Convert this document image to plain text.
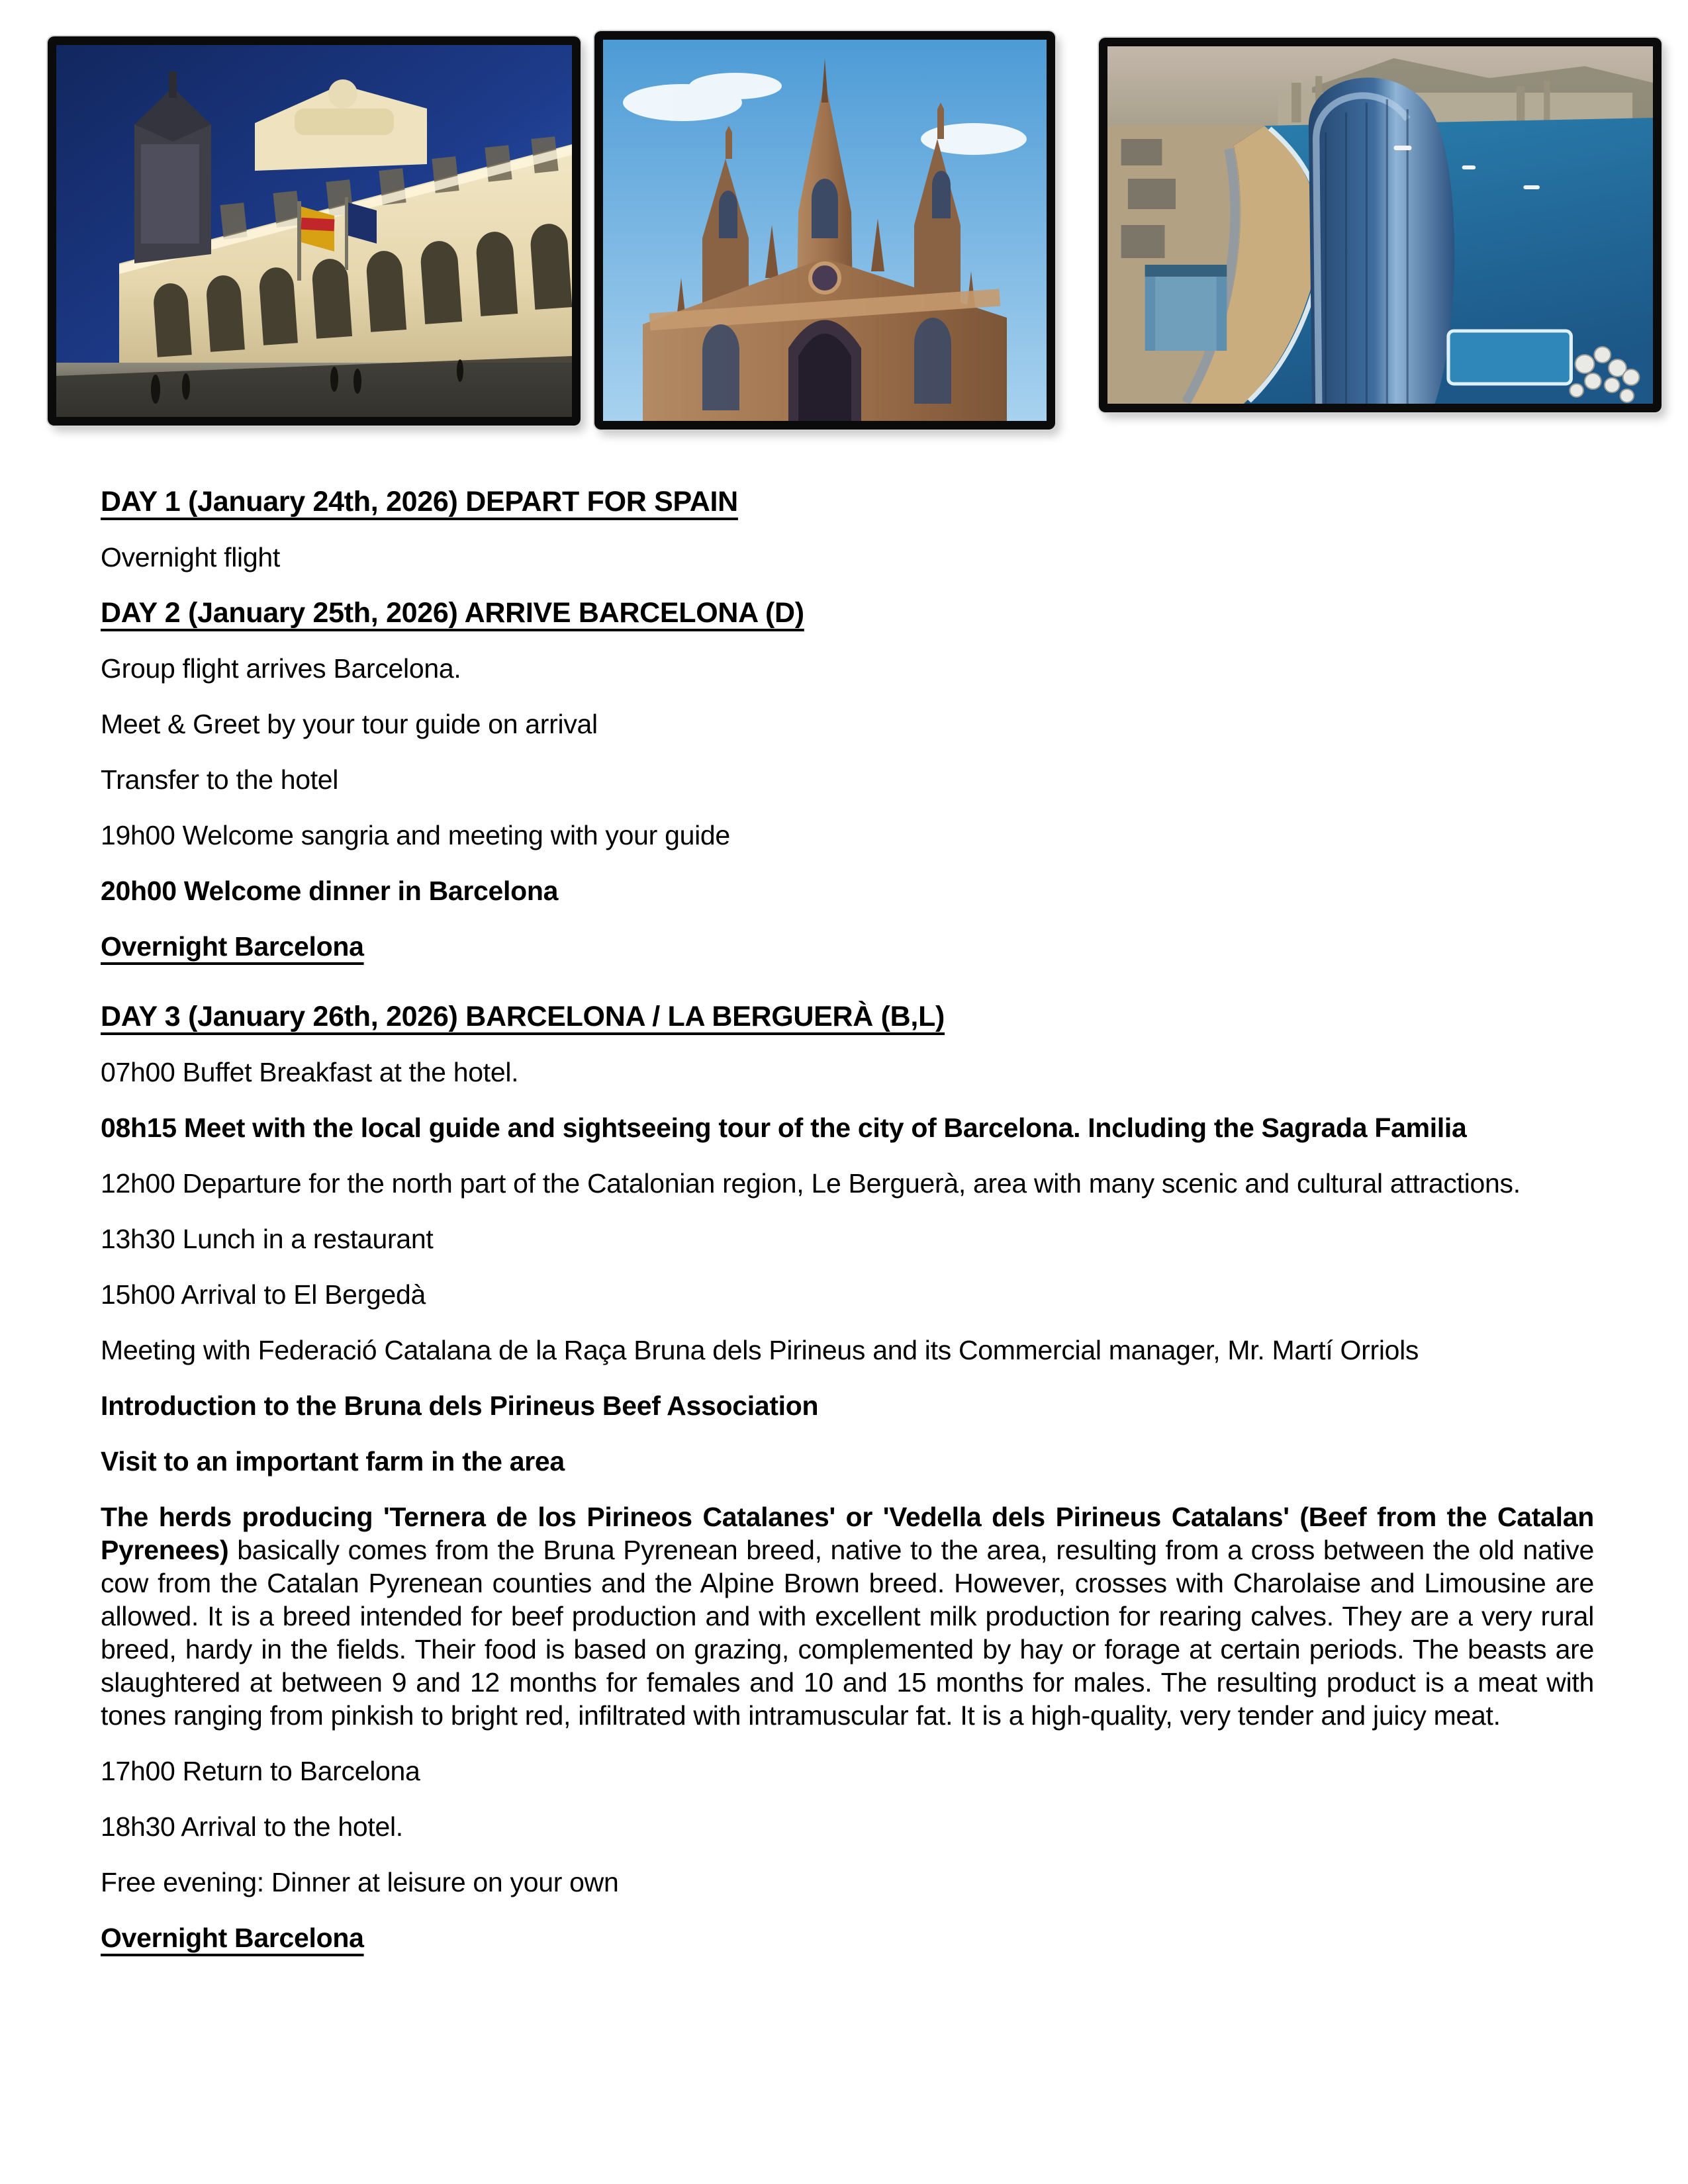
DAY 1 (January 24th, 2026) DEPART FOR SPAIN

Overnight flight

DAY 2 (January 25th, 2026) ARRIVE BARCELONA (D)

Group flight arrives Barcelona.

Meet & Greet by your tour guide on arrival

Transfer to the hotel

19h00 Welcome sangria and meeting with your guide

20h00 Welcome dinner in Barcelona

Overnight Barcelona

DAY 3 (January 26th, 2026) BARCELONA / LA BERGUERÀ (B,L)

07h00 Buffet Breakfast at the hotel.

08h15 Meet with the local guide and sightseeing tour of the city of Barcelona. Including the Sagrada Familia

12h00 Departure for the north part of the Catalonian region, Le Berguerà, area with many scenic and cultural attractions.

13h30 Lunch in a restaurant

15h00 Arrival to El Bergedà

Meeting with Federació Catalana de la Raça Bruna dels Pirineus and its Commercial manager, Mr. Martí Orriols

Introduction to the Bruna dels Pirineus Beef Association

Visit to an important farm in the area

The herds producing 'Ternera de los Pirineos Catalanes' or 'Vedella dels Pirineus Catalans' (Beef from the Catalan Pyrenees) basically comes from the Bruna Pyrenean breed, native to the area, resulting from a cross between the old native cow from the Catalan Pyrenean counties and the Alpine Brown breed. However, crosses with Charolaise and Limousine are allowed. It is a breed intended for beef production and with excellent milk production for rearing calves. They are a very rural breed, hardy in the fields. Their food is based on grazing, complemented by hay or forage at certain periods. The beasts are slaughtered at between 9 and 12 months for females and 10 and 15 months for males. The resulting product is a meat with tones ranging from pinkish to bright red, infiltrated with intramuscular fat. It is a high-quality, very tender and juicy meat.

17h00 Return to Barcelona

18h30 Arrival to the hotel.

Free evening: Dinner at leisure on your own

Overnight Barcelona
